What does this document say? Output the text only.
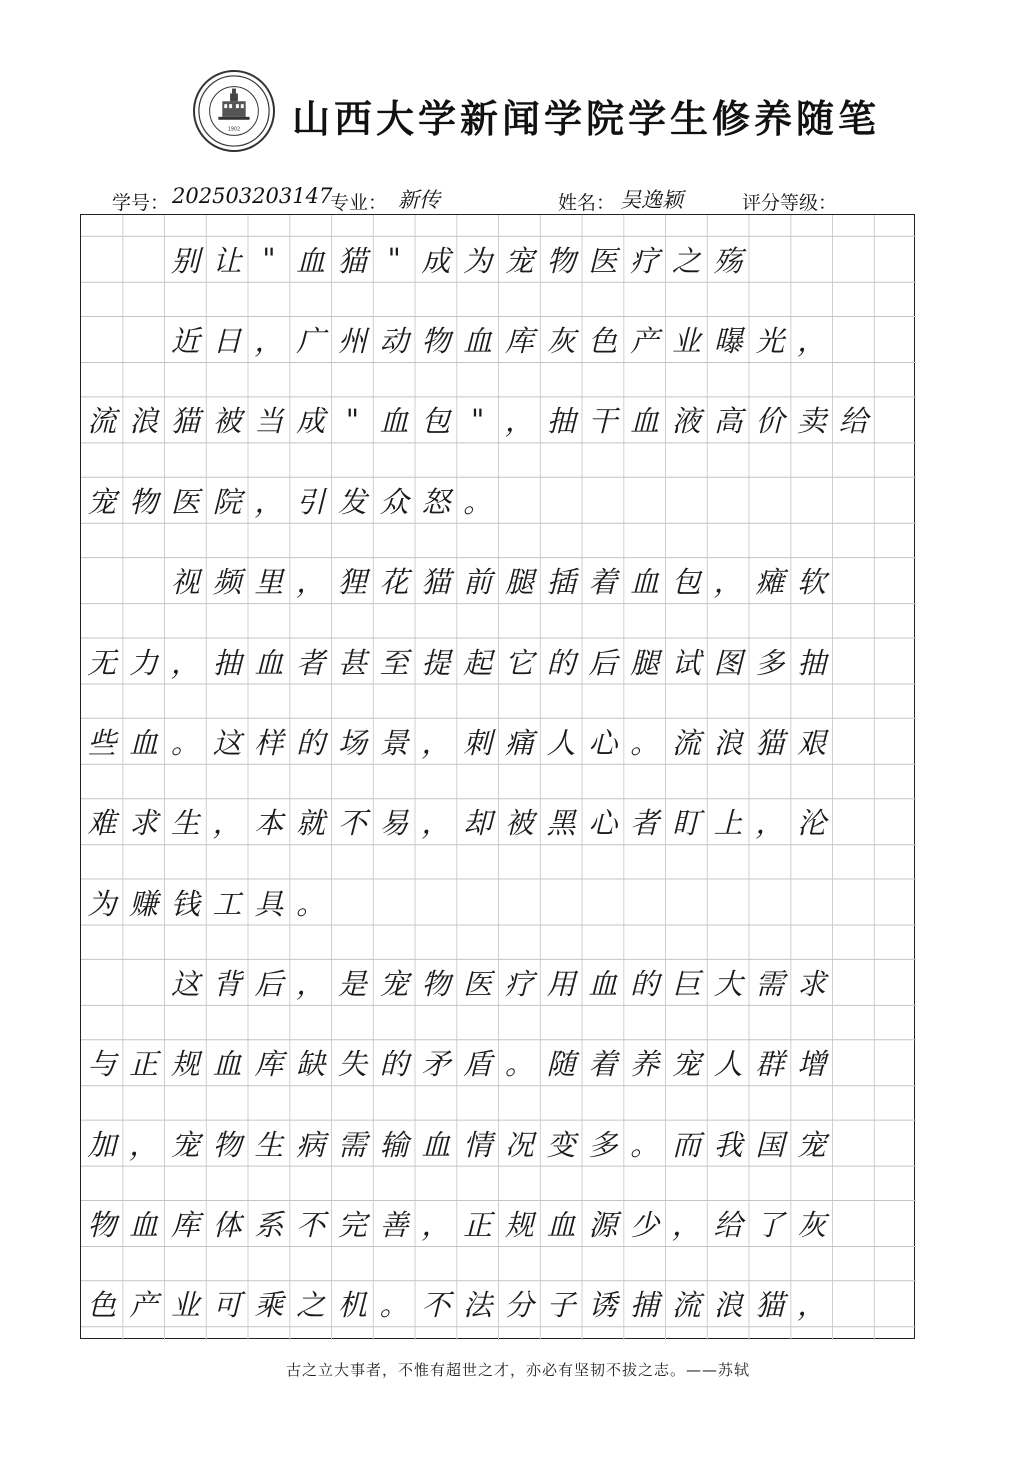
1902 山西大学新闻学院学生修养随笔
学号： 202503203147
专业： 新传	姓名： 吴逸颖	评分等级：
别 让 " 血 猫 " 成 为 宠 物 医 疗 之 殇
近 日 ， 广 州 动 物 血 库 灰 色 产 业 曝 光 ，
流 浪 猫 被 当 成 " 血 包 " ， 抽 干 血 液 高 价 卖 给
宠 物 医 院 ， 引 发 众 怒 。
视 频 里 ， 狸 花 猫 前 腿 插 着 血 包 ， 瘫 软
无 力 ， 抽 血 者 甚 至 提 起 它 的 后 腿 试 图 多 抽
些 血 。 这 样 的 场 景 ， 刺 痛 人 心 。 流 浪 猫 艰
难 求 生 ， 本 就 不 易 ， 却 被 黑 心 者 盯 上 ， 沦
为 赚 钱 工 具 。
这 背 后 ， 是 宠 物 医 疗 用 血 的 巨 大 需 求
与 正 规 血 库 缺 失 的 矛 盾 。 随 着 养 宠 人 群 增
加 ， 宠 物 生 病 需 输 血 情 况 变 多 。 而 我 国 宠
物 血 库 体 系 不 完 善 ， 正 规 血 源 少 ， 给 了 灰
色 产 业 可 乘 之 机 。 不 法 分 子 诱 捕 流 浪 猫 ，
古之立大事者，不惟有超世之才，亦必有坚韧不拔之志。——苏轼
